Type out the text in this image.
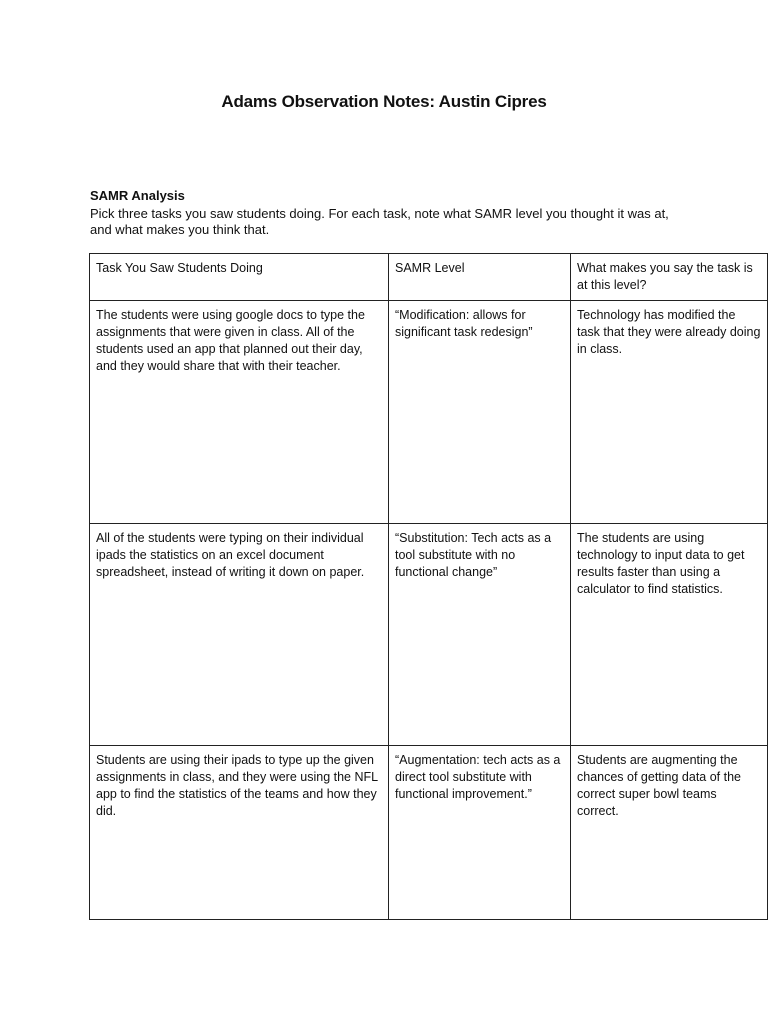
Adams Observation Notes: Austin Cipres
SAMR Analysis
Pick three tasks you saw students doing. For each task, note what SAMR level you thought it was at, and what makes you think that.
Task You Saw Students Doing	SAMR Level	What makes you say the task is at this level?
The students were using google docs to type the assignments that were given in class. All of the students used an app that planned out their day, and they would share that with their teacher.	“Modification: allows for significant task redesign”	Technology has modified the task that they were already doing in class.
All of the students were typing on their individual ipads the statistics on an excel document spreadsheet, instead of writing it down on paper.	“Substitution: Tech acts as a tool substitute with no functional change”	The students are using technology to input data to get results faster than using a calculator to find statistics.
Students are using their ipads to type up the given assignments in class, and they were using the NFL app to find the statistics of the teams and how they did.	“Augmentation: tech acts as a direct tool substitute with functional improvement.”	Students are augmenting the chances of getting data of the correct super bowl teams correct.
